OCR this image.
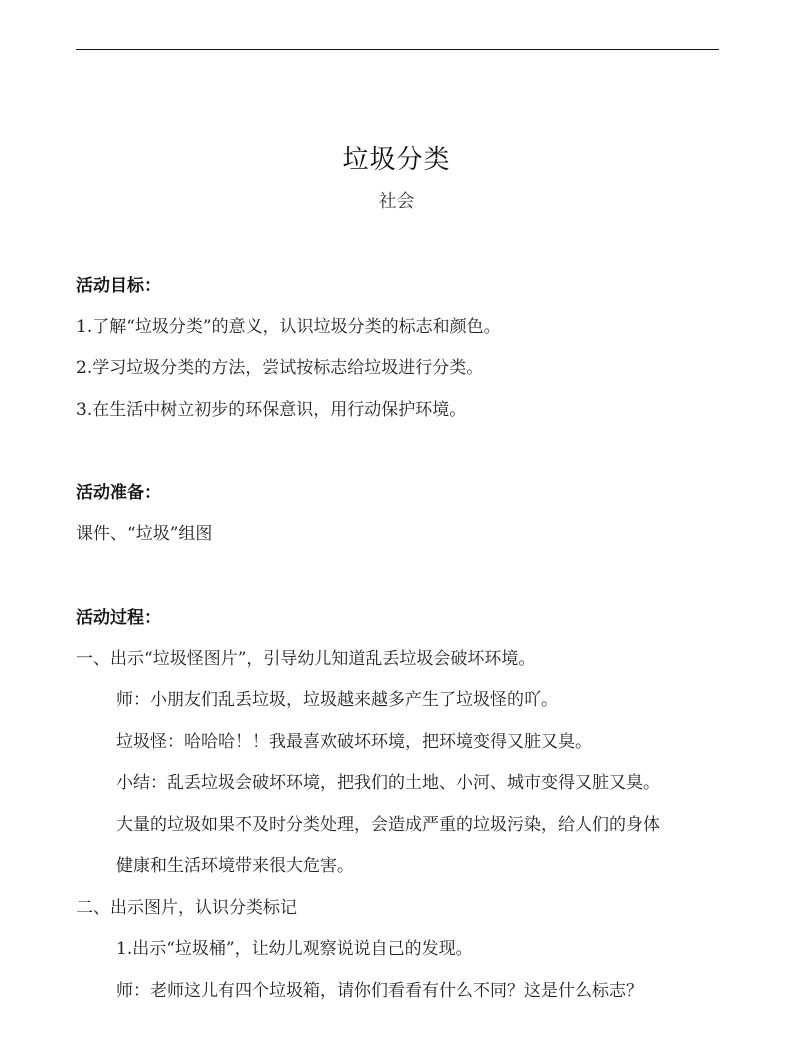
垃圾分类
社会
活动目标：
1.了解“垃圾分类”的意义，认识垃圾分类的标志和颜色。
2.学习垃圾分类的方法，尝试按标志给垃圾进行分类。
3.在生活中树立初步的环保意识，用行动保护环境。
活动准备：
课件、“垃圾”组图
活动过程：
一、出示“垃圾怪图片”，引导幼儿知道乱丢垃圾会破坏环境。
师：小朋友们乱丢垃圾，垃圾越来越多产生了垃圾怪的吖。
垃圾怪：哈哈哈！！我最喜欢破坏环境，把环境变得又脏又臭。
小结：乱丢垃圾会破坏环境，把我们的土地、小河、城市变得又脏又臭。
大量的垃圾如果不及时分类处理，会造成严重的垃圾污染，给人们的身体
健康和生活环境带来很大危害。
二、出示图片，认识分类标记
1.出示“垃圾桶”，让幼儿观察说说自己的发现。
师：老师这儿有四个垃圾箱，请你们看看有什么不同？这是什么标志？
